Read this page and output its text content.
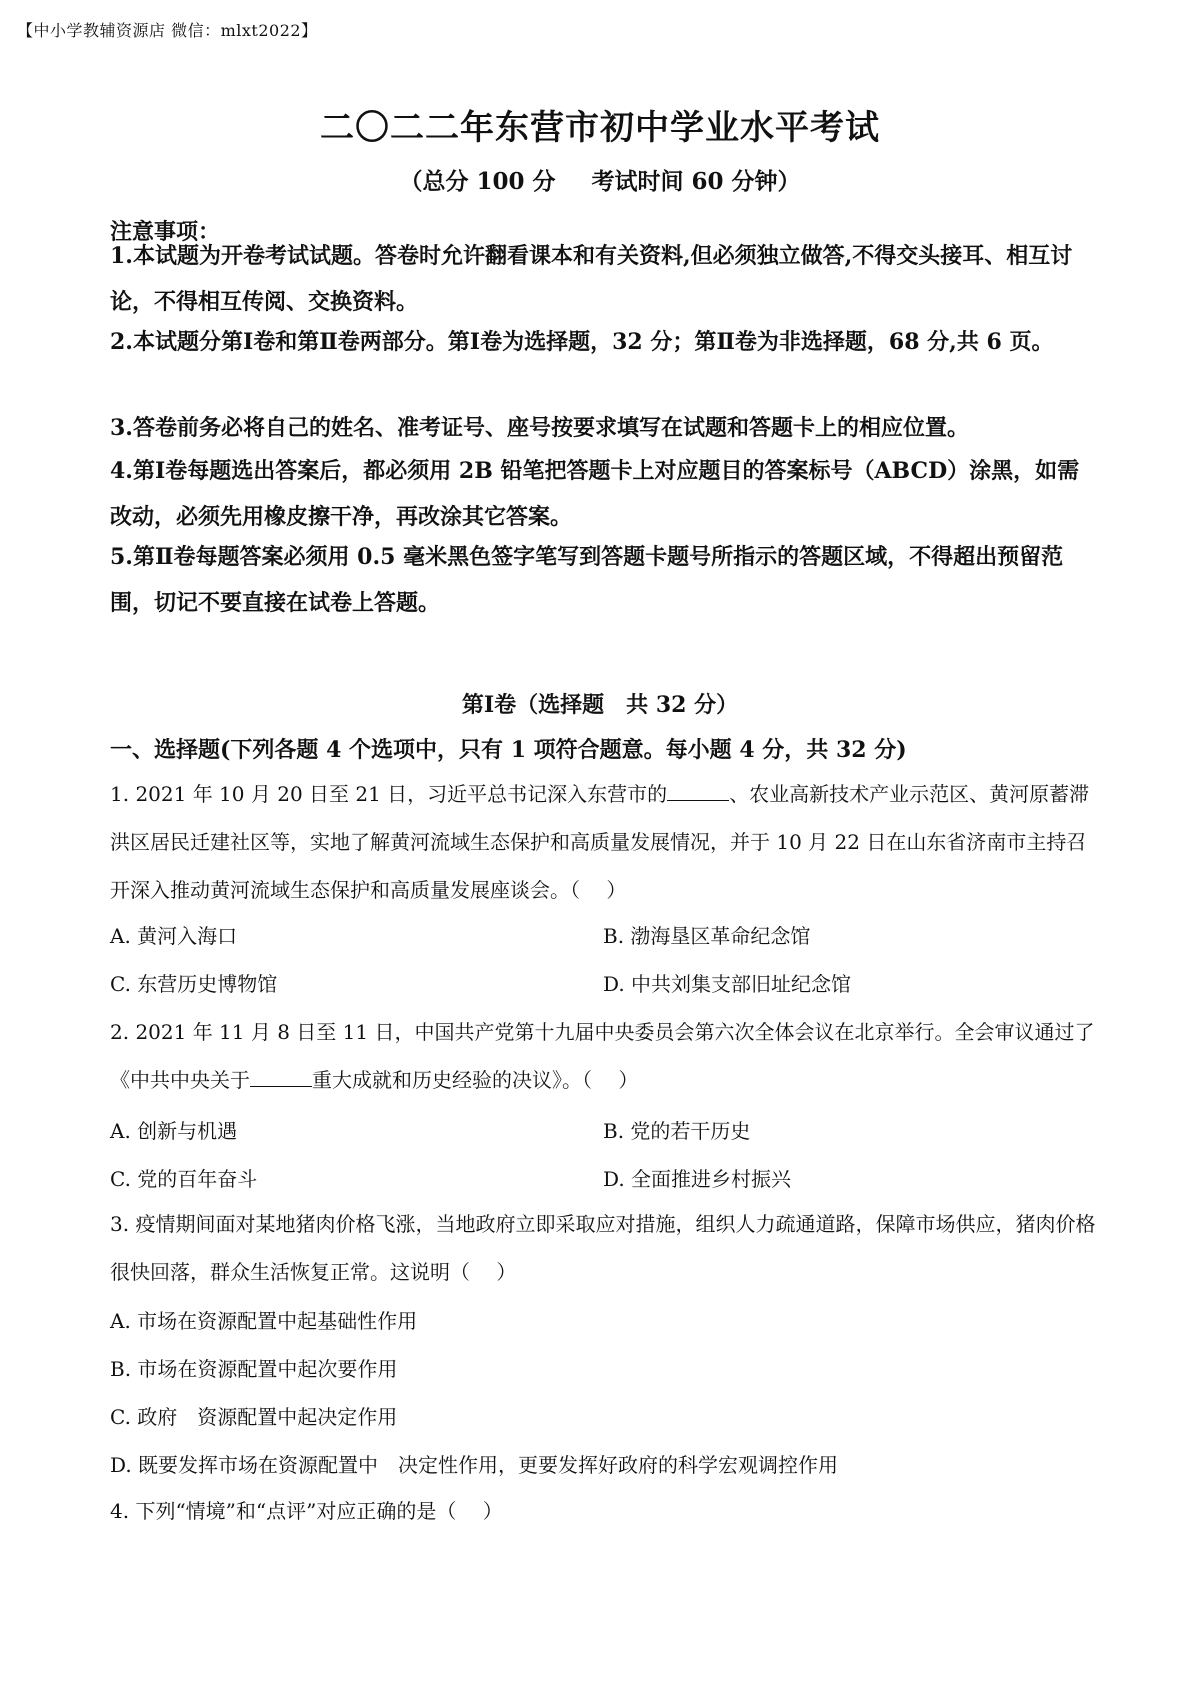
【中小学教辅资源店 微信：mlxt2022】
二〇二二年东营市初中学业水平考试
（总分 100 分 考试时间 60 分钟）
注意事项：
1.本试题为开卷考试试题。答卷时允许翻看课本和有关资料,但必须独立做答,不得交头接耳、相互讨论，不得相互传阅、交换资料。
2.本试题分第Ⅰ卷和第Ⅱ卷两部分。第Ⅰ卷为选择题，32 分；第Ⅱ卷为非选择题，68 分,共 6 页。
3.答卷前务必将自己的姓名、准考证号、座号按要求填写在试题和答题卡上的相应位置。
4.第Ⅰ卷每题选出答案后，都必须用 2B 铅笔把答题卡上对应题目的答案标号（ABCD）涂黑，如需改动，必须先用橡皮擦干净，再改涂其它答案。
5.第Ⅱ卷每题答案必须用 0.5 毫米黑色签字笔写到答题卡题号所指示的答题区域，不得超出预留范围，切记不要直接在试卷上答题。
第Ⅰ卷（选择题　共 32 分）
一、选择题(下列各题 4 个选项中，只有 1 项符合题意。每小题 4 分，共 32 分)
1. 2021 年 10 月 20 日至 21 日，习近平总书记深入东营市的	、农业高新技术产业示范区、黄河原蓄滞洪区居民迁建社区等，实地了解黄河流域生态保护和高质量发展情况，并于 10 月 22 日在山东省济南市主持召开深入推动黄河流域生态保护和高质量发展座谈会。（　 ）
A. 黄河入海口	B. 渤海垦区革命纪念馆
C. 东营历史博物馆	D. 中共刘集支部旧址纪念馆
2. 2021 年 11 月 8 日至 11 日，中国共产党第十九届中央委员会第六次全体会议在北京举行。全会审议通过了《中共中央关于	重大成就和历史经验的决议》。（　 ）
A. 创新与机遇	B. 党的若干历史
C. 党的百年奋斗	D. 全面推进乡村振兴
3. 疫情期间面对某地猪肉价格飞涨，当地政府立即采取应对措施，组织人力疏通道路，保障市场供应，猪肉价格很快回落，群众生活恢复正常。这说明（　 ）
A. 市场在资源配置中起基础性作用
B. 市场在资源配置中起次要作用
C. 政府　资源配置中起决定作用
D. 既要发挥市场在资源配置中　决定性作用，更要发挥好政府的科学宏观调控作用
4. 下列“情境”和“点评”对应正确的是（　 ）
